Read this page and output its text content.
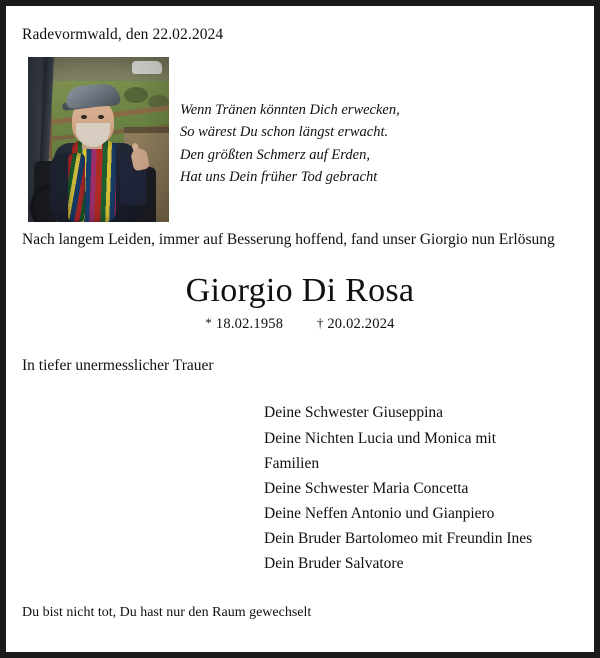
Radevormwald, den 22.02.2024

Wenn Tränen könnten Dich erwecken,
So wärest Du schon längst erwacht.
Den größten Schmerz auf Erden,
Hat uns Dein früher Tod gebracht

Nach langem Leiden, immer auf Besserung hoffend, fand unser Giorgio nun Erlösung

Giorgio Di Rosa
* 18.02.1958	† 20.02.2024

In tiefer unermesslicher Trauer

Deine Schwester Giuseppina
Deine Nichten Lucia und Monica mit
Familien
Deine Schwester Maria Concetta
Deine Neffen Antonio und Gianpiero
Dein Bruder Bartolomeo mit Freundin Ines
Dein Bruder Salvatore

Du bist nicht tot, Du hast nur den Raum gewechselt
